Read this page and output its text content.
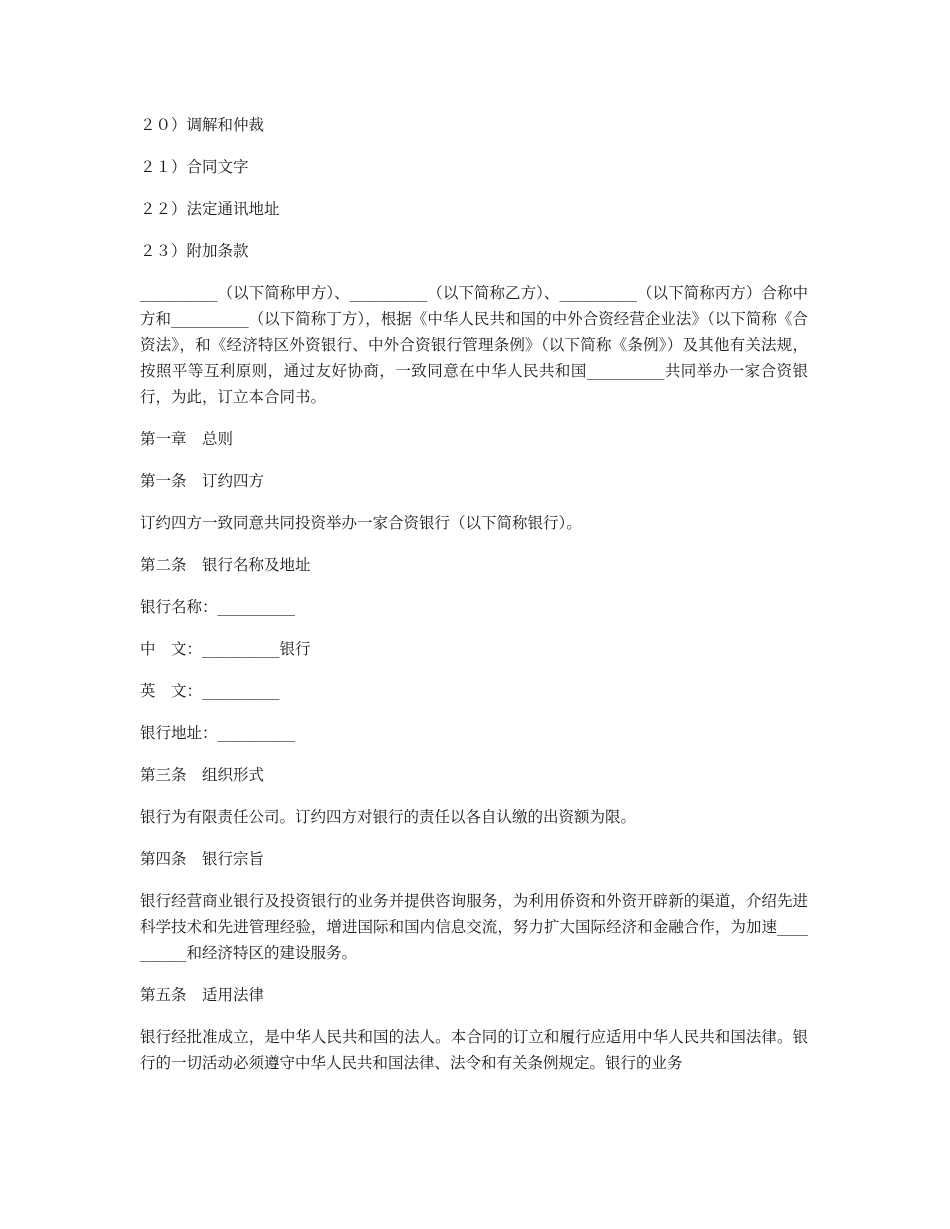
２０）调解和仲裁

２１）合同文字

２２）法定通讯地址

２３）附加条款

__________（以下简称甲方）、__________（以下简称乙方）、__________（以下简称丙方）合称中方和__________（以下简称丁方），根据《中华人民共和国的中外合资经营企业法》（以下简称《合资法》，和《经济特区外资银行、中外合资银行管理条例》（以下简称《条例》）及其他有关法规，按照平等互利原则，通过友好协商，一致同意在中华人民共和国__________共同举办一家合资银行，为此，订立本合同书。

第一章　总则

第一条　订约四方

订约四方一致同意共同投资举办一家合资银行（以下简称银行）。

第二条　银行名称及地址

银行名称：__________

中　文：__________银行

英　文：__________

银行地址：__________

第三条　组织形式

银行为有限责任公司。订约四方对银行的责任以各自认缴的出资额为限。

第四条　银行宗旨

银行经营商业银行及投资银行的业务并提供咨询服务，为利用侨资和外资开辟新的渠道，介绍先进科学技术和先进管理经验，增进国际和国内信息交流，努力扩大国际经济和金融合作，为加速__________和经济特区的建设服务。

第五条　适用法律

银行经批准成立，是中华人民共和国的法人。本合同的订立和履行应适用中华人民共和国法律。银行的一切活动必须遵守中华人民共和国法律、法令和有关条例规定。银行的业务
